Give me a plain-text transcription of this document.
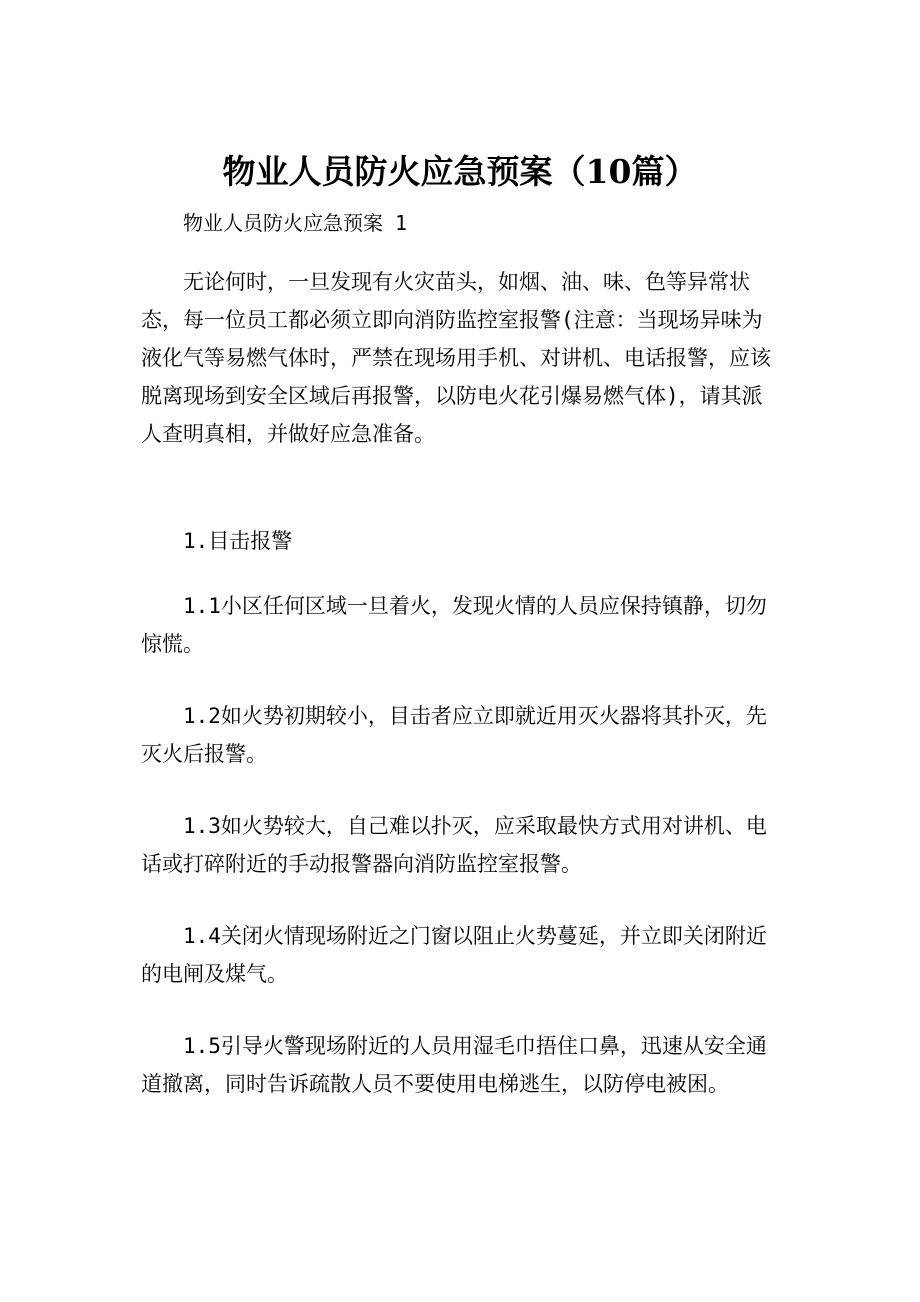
物业人员防火应急预案（10篇）
物业人员防火应急预案 1
无论何时，一旦发现有火灾苗头，如烟、油、味、色等异常状态，每一位员工都必须立即向消防监控室报警(注意：当现场异味为液化气等易燃气体时，严禁在现场用手机、对讲机、电话报警，应该脱离现场到安全区域后再报警，以防电火花引爆易燃气体)，请其派人查明真相，并做好应急准备。
1.目击报警
1.1小区任何区域一旦着火，发现火情的人员应保持镇静，切勿惊慌。
1.2如火势初期较小，目击者应立即就近用灭火器将其扑灭，先灭火后报警。
1.3如火势较大，自己难以扑灭，应采取最快方式用对讲机、电话或打碎附近的手动报警器向消防监控室报警。
1.4关闭火情现场附近之门窗以阻止火势蔓延，并立即关闭附近的电闸及煤气。
1.5引导火警现场附近的人员用湿毛巾捂住口鼻，迅速从安全通道撤离，同时告诉疏散人员不要使用电梯逃生，以防停电被困。
